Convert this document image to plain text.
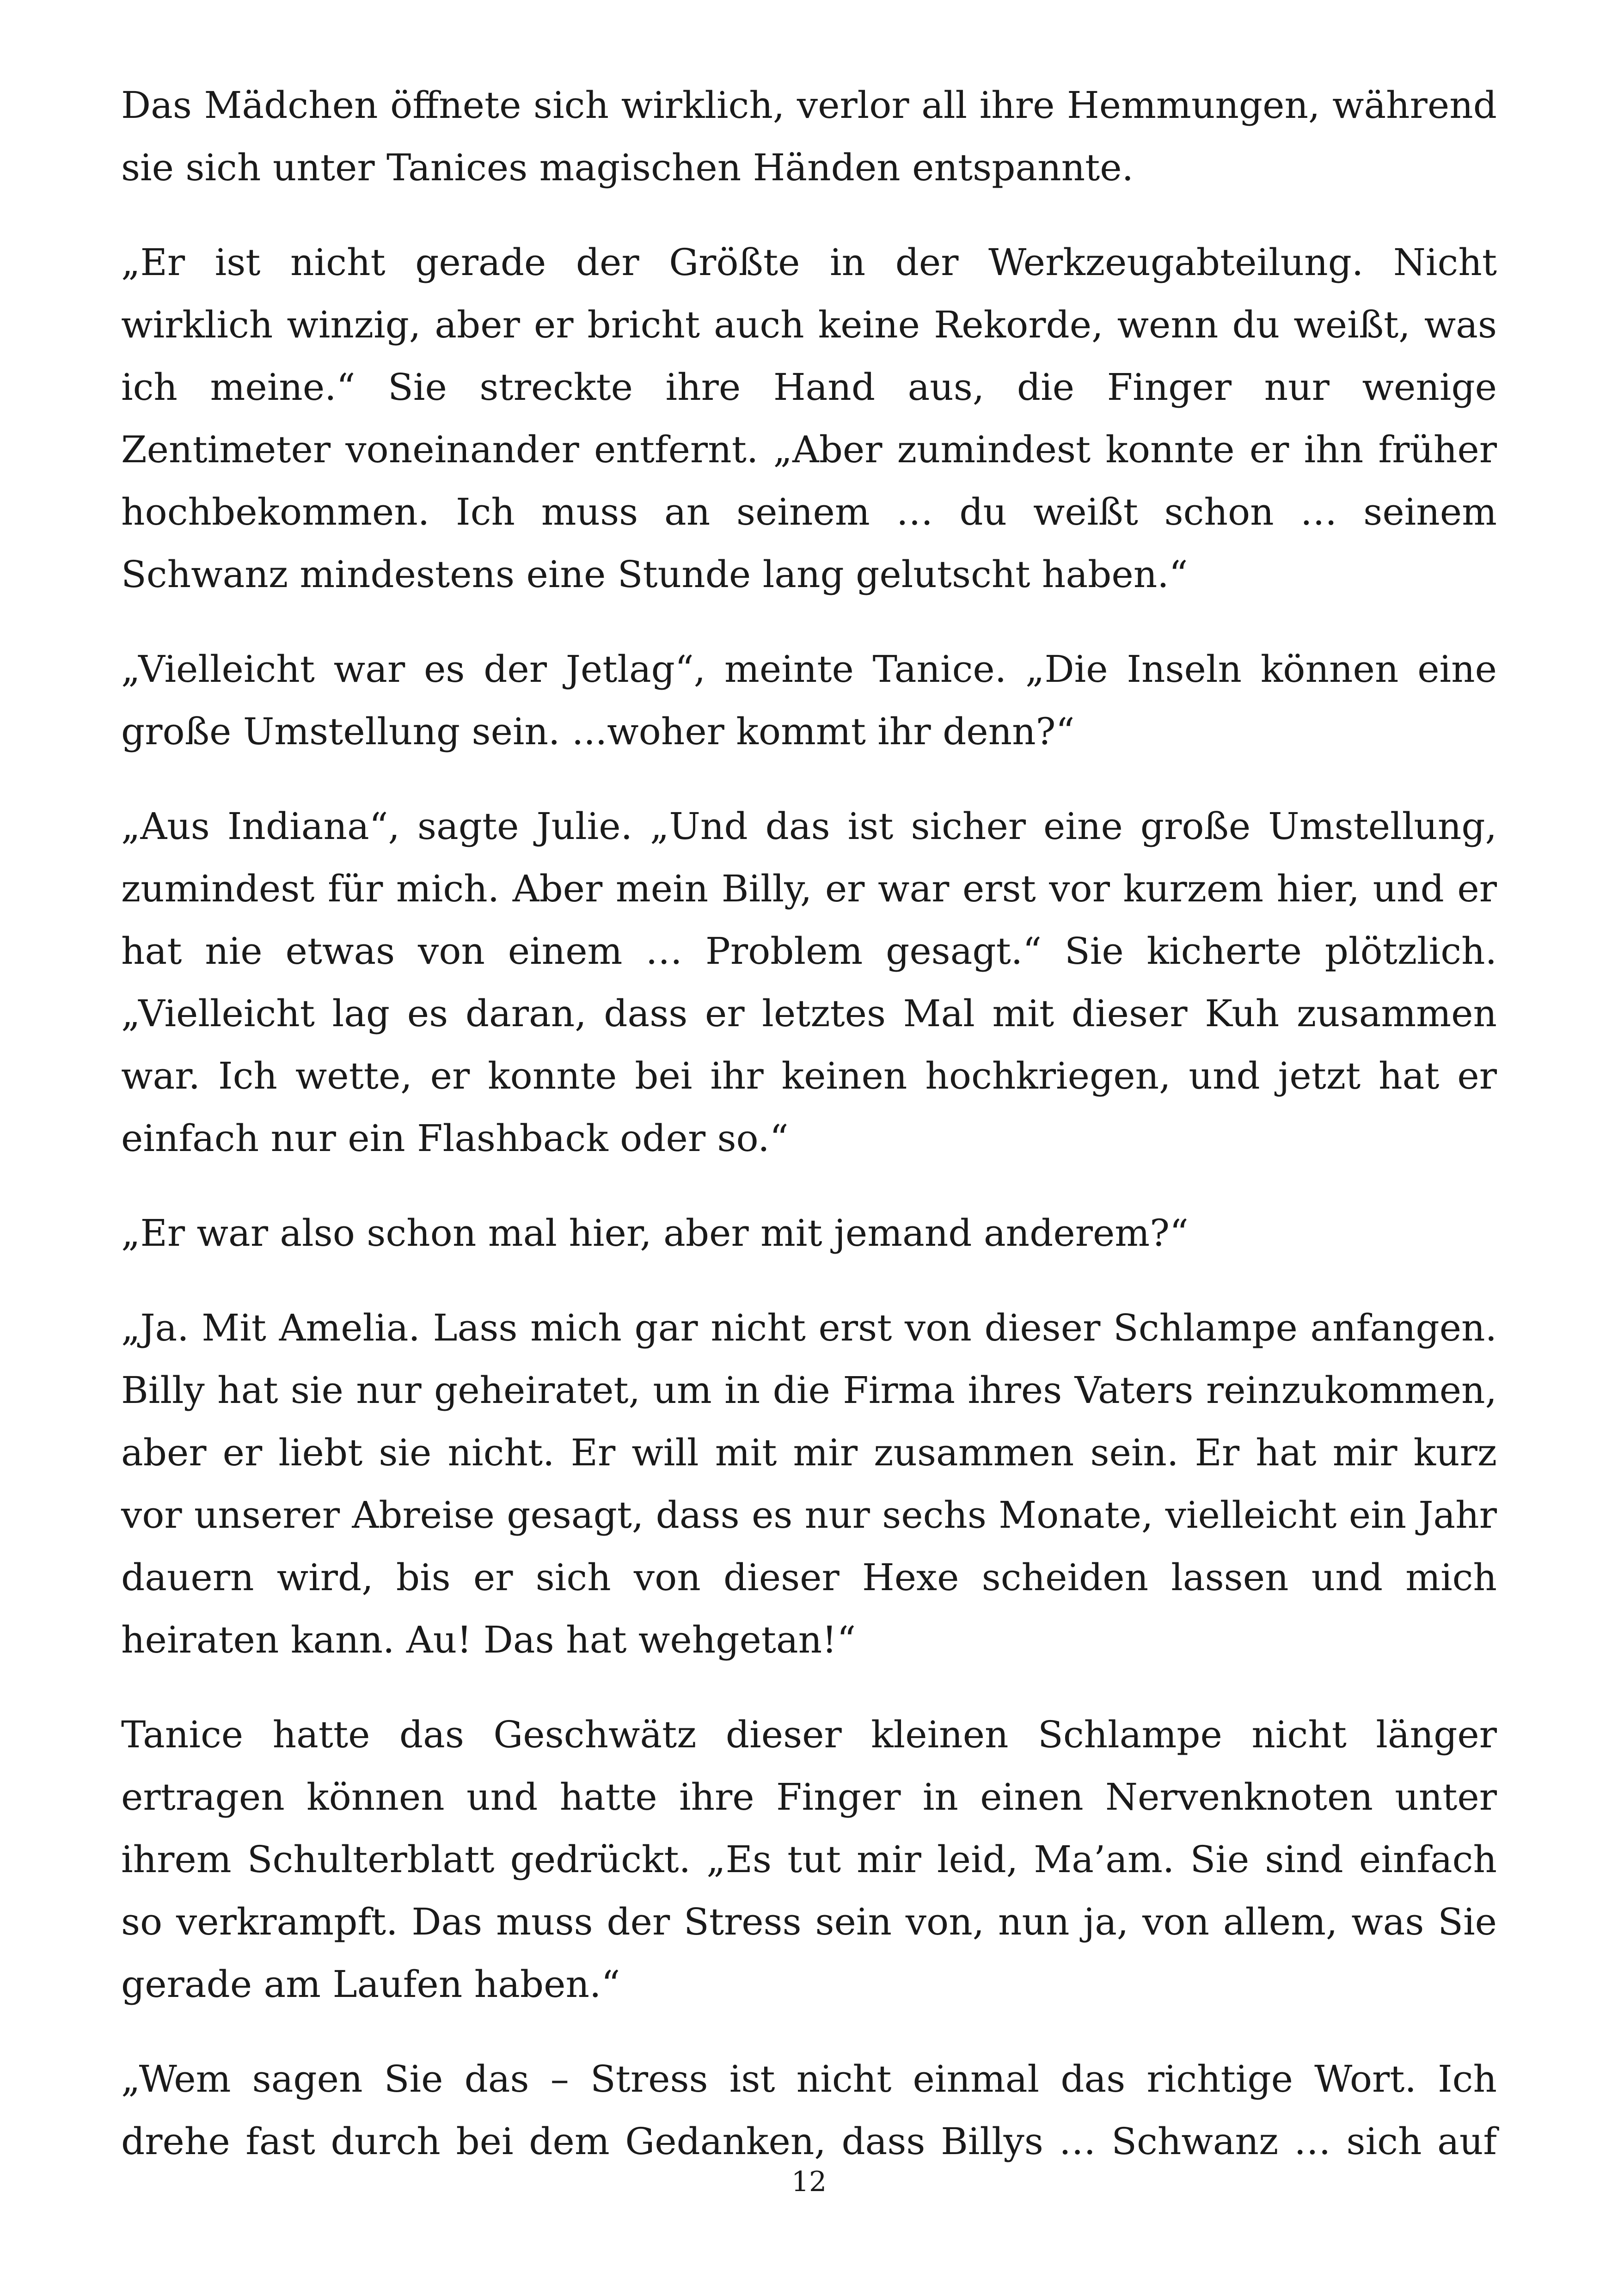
Das Mädchen öffnete sich wirklich, verlor all ihre Hemmungen, während sie sich unter Tanices magischen Händen entspannte.

„Er ist nicht gerade der Größte in der Werkzeugabteilung. Nicht wirklich winzig, aber er bricht auch keine Rekorde, wenn du weißt, was ich meine.“ Sie streckte ihre Hand aus, die Finger nur wenige Zentimeter voneinander entfernt. „Aber zumindest konnte er ihn früher hochbekommen. Ich muss an seinem … du weißt schon … seinem Schwanz mindestens eine Stunde lang gelutscht haben.“

„Vielleicht war es der Jetlag“, meinte Tanice. „Die Inseln können eine große Umstellung sein. ...woher kommt ihr denn?“

„Aus Indiana“, sagte Julie. „Und das ist sicher eine große Umstellung, zumindest für mich. Aber mein Billy, er war erst vor kurzem hier, und er hat nie etwas von einem … Problem gesagt.“ Sie kicherte plötzlich. „Vielleicht lag es daran, dass er letztes Mal mit dieser Kuh zusammen war. Ich wette, er konnte bei ihr keinen hochkriegen, und jetzt hat er einfach nur ein Flashback oder so.“

„Er war also schon mal hier, aber mit jemand anderem?“

„Ja. Mit Amelia. Lass mich gar nicht erst von dieser Schlampe anfangen. Billy hat sie nur geheiratet, um in die Firma ihres Vaters reinzukommen, aber er liebt sie nicht. Er will mit mir zusammen sein. Er hat mir kurz vor unserer Abreise gesagt, dass es nur sechs Monate, vielleicht ein Jahr dauern wird, bis er sich von dieser Hexe scheiden lassen und mich heiraten kann. Au! Das hat wehgetan!“

Tanice hatte das Geschwätz dieser kleinen Schlampe nicht länger ertragen können und hatte ihre Finger in einen Nervenknoten unter ihrem Schulterblatt gedrückt. „Es tut mir leid, Ma’am. Sie sind einfach so verkrampft. Das muss der Stress sein von, nun ja, von allem, was Sie gerade am Laufen haben.“

„Wem sagen Sie das – Stress ist nicht einmal das richtige Wort. Ich drehe fast durch bei dem Gedanken, dass Billys … Schwanz … sich auf

12
